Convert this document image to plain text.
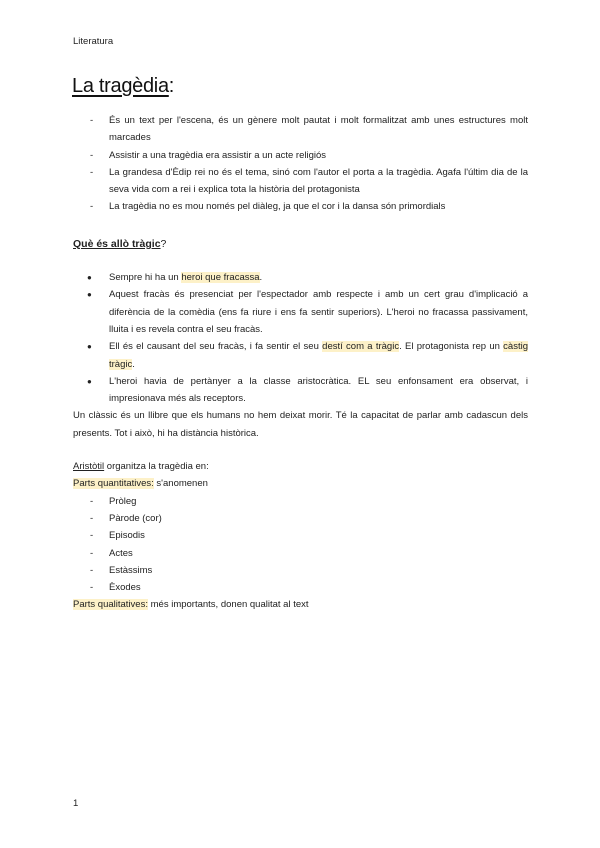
Literatura
La tragèdia:
- És un text per l'escena, és un gènere molt pautat i molt formalitzat amb unes estructures molt marcades
- Assistir a una tragèdia era assistir a un acte religiós
- La grandesa d'Èdip rei no és el tema, sinó com l'autor el porta a la tragèdia. Agafa l'últim dia de la seva vida com a rei i explica tota la història del protagonista
- La tragèdia no es mou només pel diàleg, ja que el cor i la dansa són primordials
Què és allò tràgic?
● Sempre hi ha un heroi que fracassa.
● Aquest fracàs és presenciat per l'espectador amb respecte i amb un cert grau d'implicació a diferència de la comèdia (ens fa riure i ens fa sentir superiors). L'heroi no fracassa passivament, lluita i es revela contra el seu fracàs.
● Ell és el causant del seu fracàs, i fa sentir el seu destí com a tràgic. El protagonista rep un càstig tràgic.
● L'heroi havia de pertànyer a la classe aristocràtica. EL seu enfonsament era observat, i impresionava més als receptors.

Un clàssic és un llibre que els humans no hem deixat morir. Té la capacitat de parlar amb cadascun dels presents. Tot i això, hi ha distància històrica.

Aristòtil organitza la tragèdia en:

Parts quantitatives: s'anomenen

- Pròleg
- Pàrode (cor)
- Episodis
- Actes
- Estàssims
- Èxodes

Parts qualitatives: més importants, donen qualitat al text

1
